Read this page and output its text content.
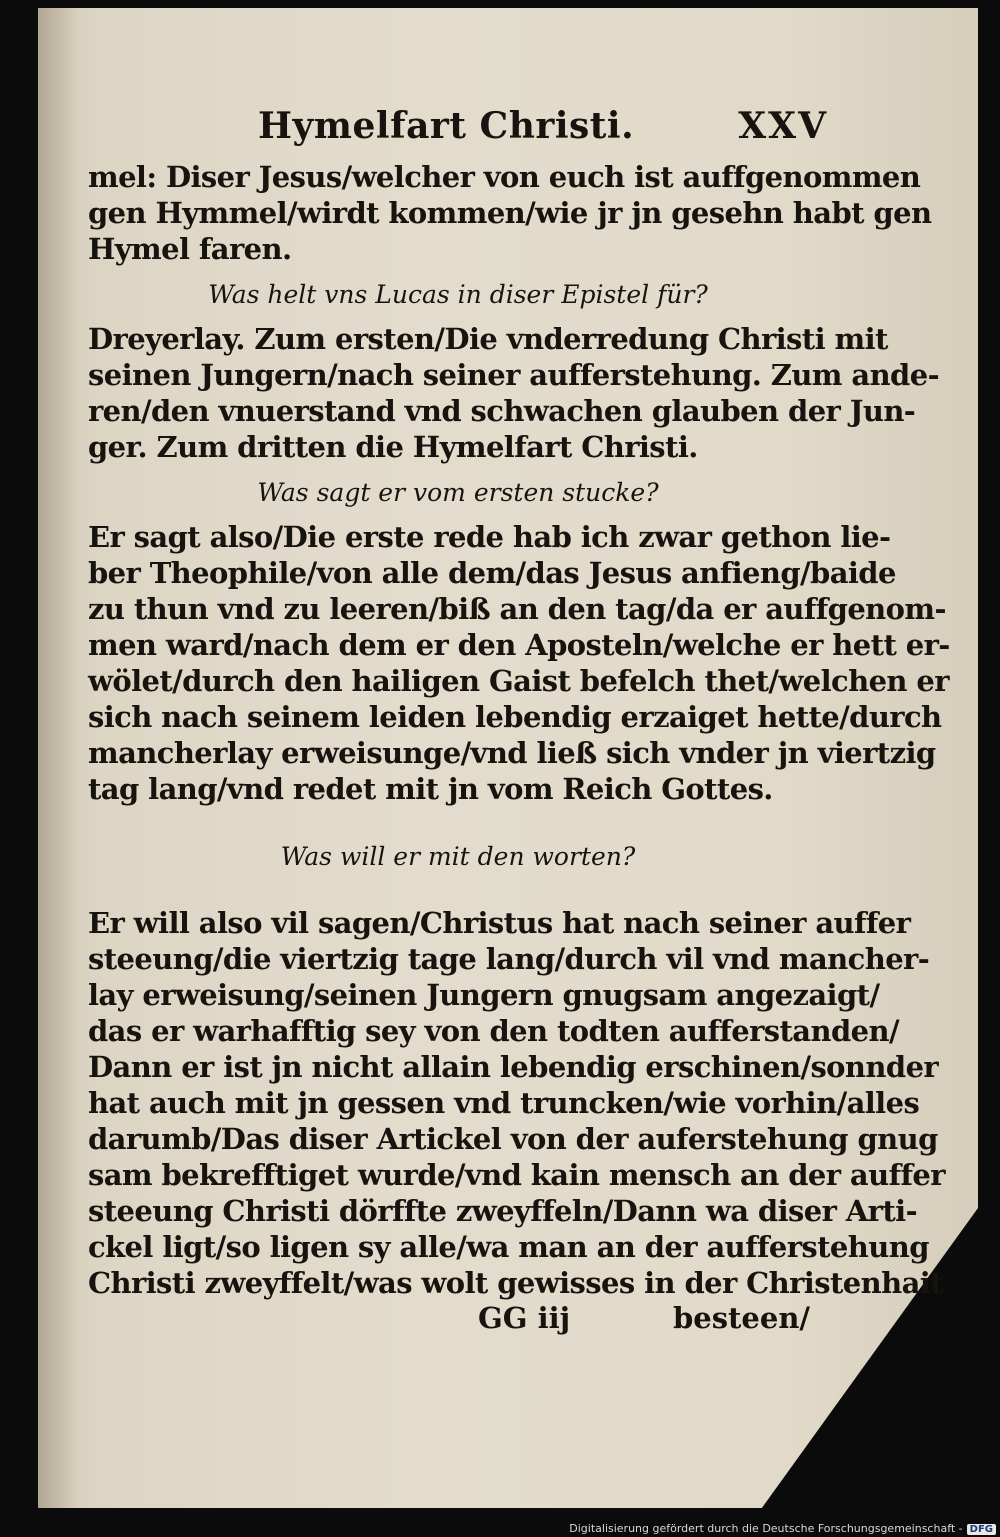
Hymelfart Christi.	XXV
mel: Diser Jesus/welcher von euch ist auffgenommen
gen Hymmel/wirdt kommen/wie jr jn gesehn habt gen
Hymel faren.
Was helt vns Lucas in diser Epistel für?
Dreyerlay. Zum ersten/Die vnderredung Christi mit
seinen Jungern/nach seiner aufferstehung. Zum ande-
ren/den vnuerstand vnd schwachen glauben der Jun-
ger. Zum dritten die Hymelfart Christi.
Was sagt er vom ersten stucke?
Er sagt also/Die erste rede hab ich zwar gethon lie-
ber Theophile/von alle dem/das Jesus anfieng/baide
zu thun vnd zu leeren/biß an den tag/da er auffgenom-
men ward/nach dem er den Aposteln/welche er hett er-
wölet/durch den hailigen Gaist befelch thet/welchen er
sich nach seinem leiden lebendig erzaiget hette/durch
mancherlay erweisunge/vnd ließ sich vnder jn viertzig
tag lang/vnd redet mit jn vom Reich Gottes.
Was will er mit den worten?
Er will also vil sagen/Christus hat nach seiner auffer
steeung/die viertzig tage lang/durch vil vnd mancher-
lay erweisung/seinen Jungern gnugsam angezaigt/
das er warhafftig sey von den todten aufferstanden/
Dann er ist jn nicht allain lebendig erschinen/sonnder
hat auch mit jn gessen vnd truncken/wie vorhin/alles
darumb/Das diser Artickel von der auferstehung gnug
sam bekrefftiget wurde/vnd kain mensch an der auffer
steeung Christi dörffte zweyffeln/Dann wa diser Arti-
ckel ligt/so ligen sy alle/wa man an der aufferstehung
Christi zweyffelt/was wolt gewisses in der Christenhait
GG iij	besteen/
Digitalisierung gefördert durch die Deutsche Forschungsgemeinschaft - DFG
